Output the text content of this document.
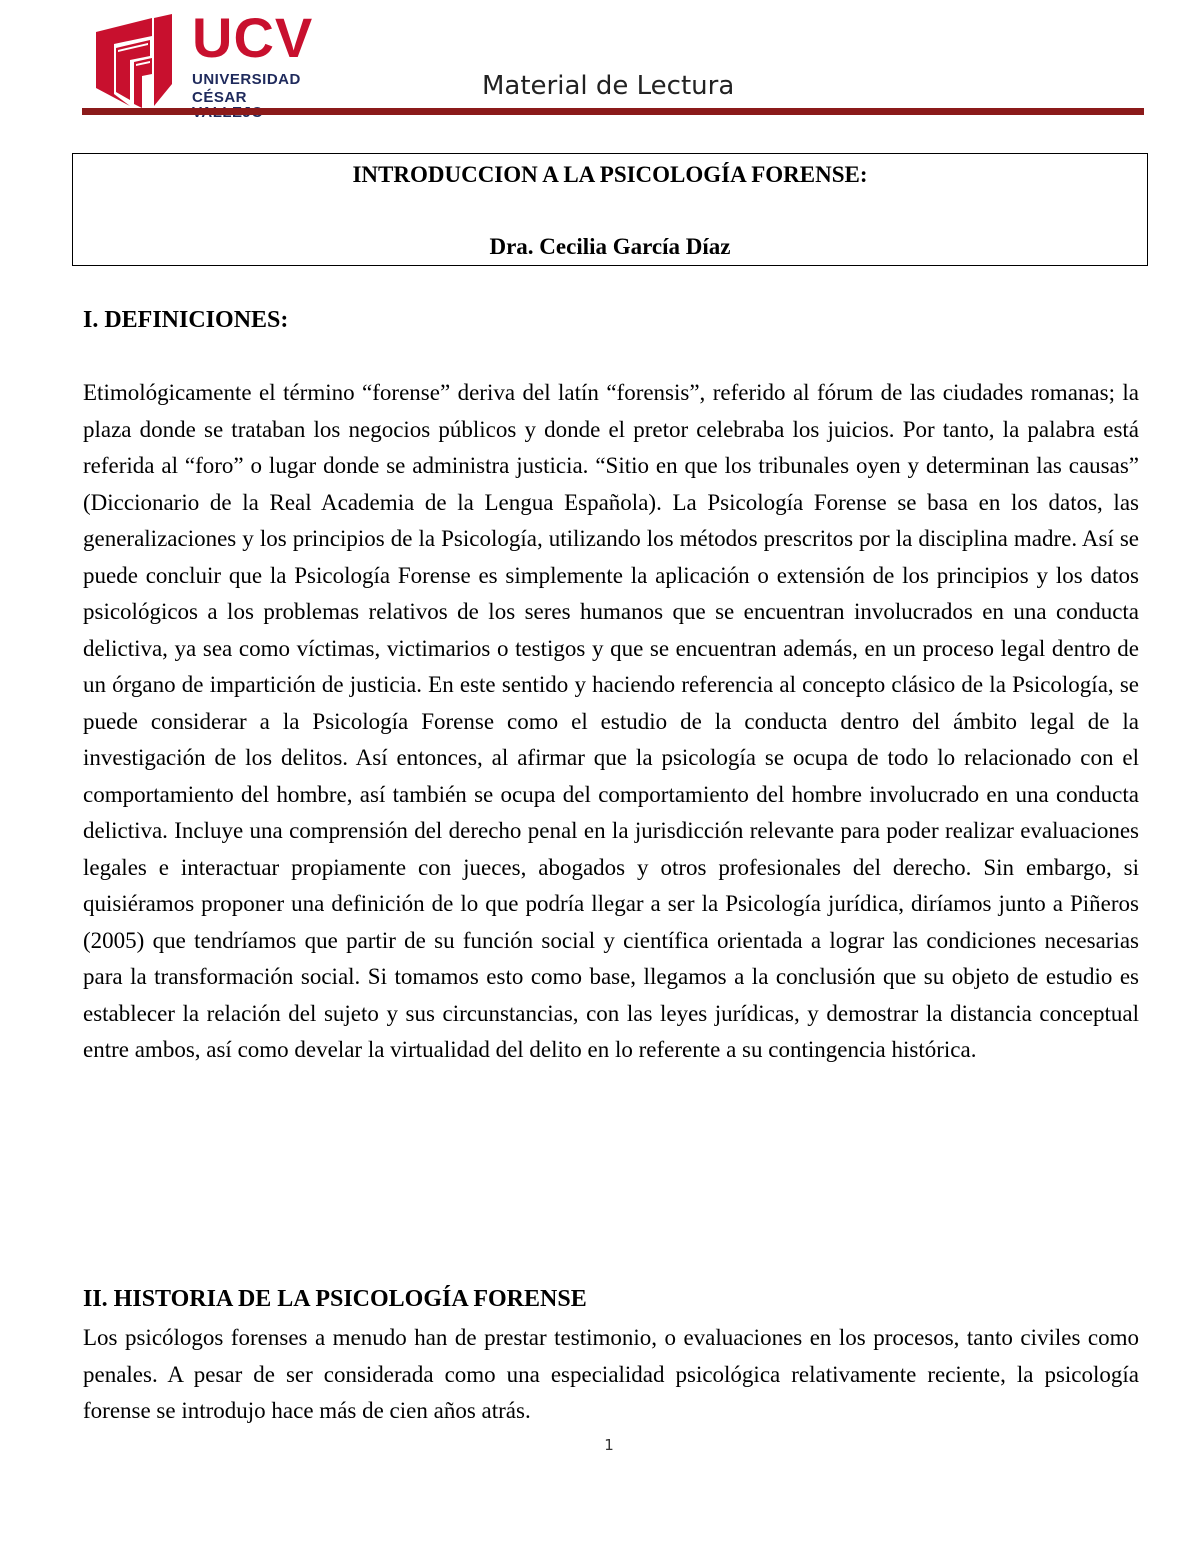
UCV
UNIVERSIDAD
CÉSAR	Material de Lectura
INTRODUCCION A LA PSICOLOGÍA FORENSE:
Dra. Cecilia García Díaz
I. DEFINICIONES:

Etimológicamente el término “forense” deriva del latín “forensis”, referido al fórum de las ciudades romanas; la plaza donde se trataban los negocios públicos y donde el pretor celebraba los juicios. Por tanto, la palabra está referida al “foro” o lugar donde se administra justicia. “Sitio en que los tribunales oyen y determinan las causas” (Diccionario de la Real Academia de la Lengua Española). La Psicología Forense se basa en los datos, las generalizaciones y los principios de la Psicología, utilizando los métodos prescritos por la disciplina madre. Así se puede concluir que la Psicología Forense es simplemente la aplicación o extensión de los principios y los datos psicológicos a los problemas relativos de los seres humanos que se encuentran involucrados en una conducta delictiva, ya sea como víctimas, victimarios o testigos y que se encuentran además, en un proceso legal dentro de un órgano de impartición de justicia. En este sentido y haciendo referencia al concepto clásico de la Psicología, se puede considerar a la Psicología Forense como el estudio de la conducta dentro del ámbito legal de la investigación de los delitos. Así entonces, al afirmar que la psicología se ocupa de todo lo relacionado con el comportamiento del hombre, así también se ocupa del comportamiento del hombre involucrado en una conducta delictiva. Incluye una comprensión del derecho penal en la jurisdicción relevante para poder realizar evaluaciones legales e interactuar propiamente con jueces, abogados y otros profesionales del derecho. Sin embargo, si quisiéramos proponer una definición de lo que podría llegar a ser la Psicología jurídica, diríamos junto a Piñeros (2005) que tendríamos que partir de su función social y científica orientada a lograr las condiciones necesarias para la transformación social. Si tomamos esto como base, llegamos a la conclusión que su objeto de estudio es establecer la relación del sujeto y sus circunstancias, con las leyes jurídicas, y demostrar la distancia conceptual entre ambos, así como develar la virtualidad del delito en lo referente a su contingencia histórica.

II. HISTORIA DE LA PSICOLOGÍA FORENSE

Los psicólogos forenses a menudo han de prestar testimonio, o evaluaciones en los procesos, tanto civiles como penales. A pesar de ser considerada como una especialidad psicológica relativamente reciente, la psicología forense se introdujo hace más de cien años atrás.

1
